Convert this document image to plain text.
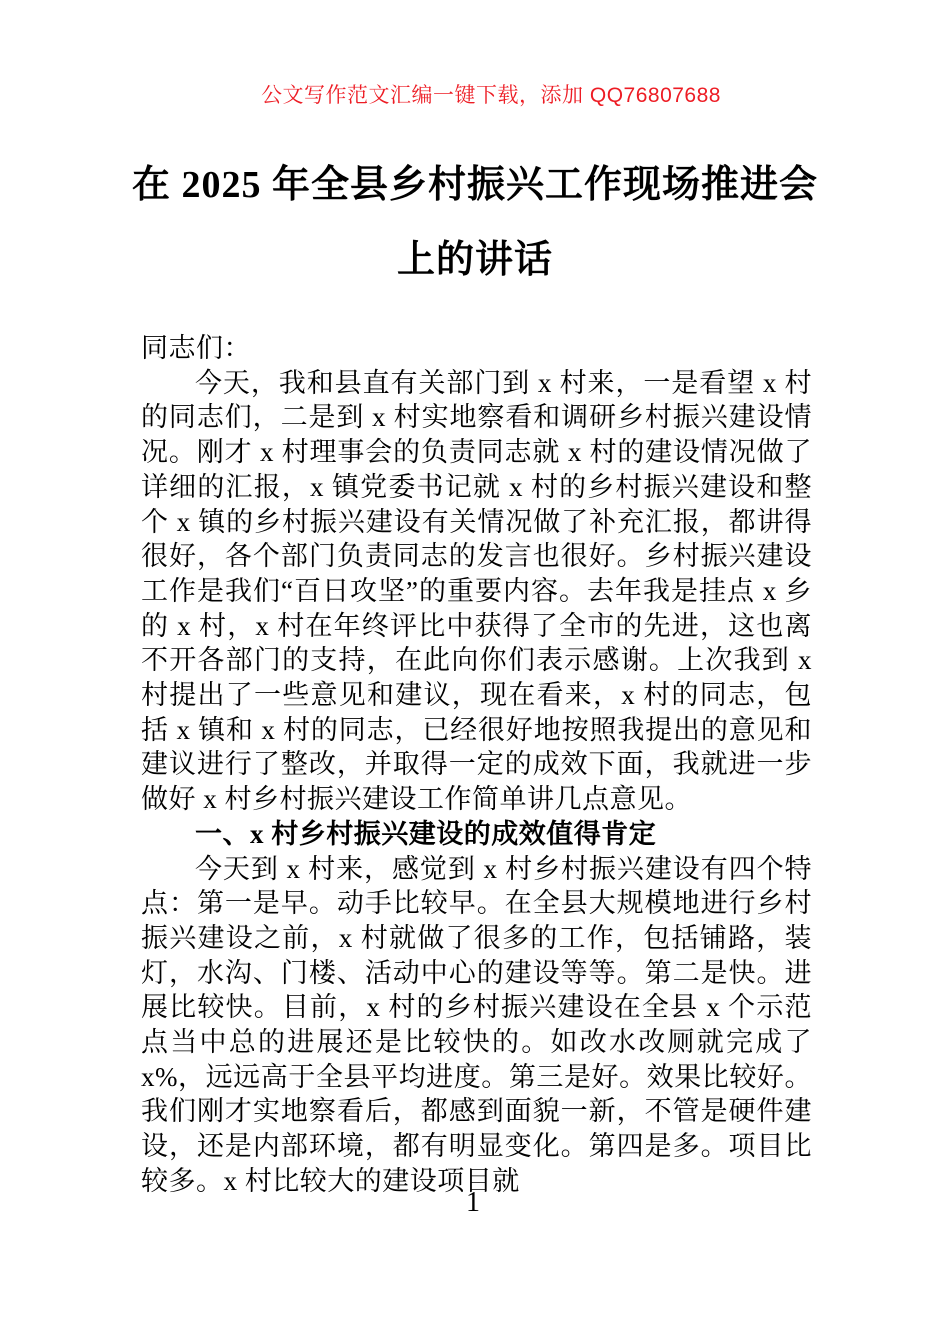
公文写作范文汇编一键下载，添加 QQ76807688
在 2025 年全县乡村振兴工作现场推进会上的讲话

同志们：

今天，我和县直有关部门到 x 村来，一是看望 x 村的同志们，二是到 x 村实地察看和调研乡村振兴建设情况。刚才 x 村理事会的负责同志就 x 村的建设情况做了详细的汇报，x 镇党委书记就 x 村的乡村振兴建设和整个 x 镇的乡村振兴建设有关情况做了补充汇报，都讲得很好，各个部门负责同志的发言也很好。乡村振兴建设工作是我们“百日攻坚”的重要内容。去年我是挂点 x 乡的 x 村，x 村在年终评比中获得了全市的先进，这也离不开各部门的支持，在此向你们表示感谢。上次我到 x 村提出了一些意见和建议，现在看来，x 村的同志，包括 x 镇和 x 村的同志，已经很好地按照我提出的意见和建议进行了整改，并取得一定的成效下面，我就进一步做好 x 村乡村振兴建设工作简单讲几点意见。

一、x 村乡村振兴建设的成效值得肯定

今天到 x 村来，感觉到 x 村乡村振兴建设有四个特点：第一是早。动手比较早。在全县大规模地进行乡村振兴建设之前，x 村就做了很多的工作，包括铺路，装灯，水沟、门楼、活动中心的建设等等。第二是快。进展比较快。目前，x 村的乡村振兴建设在全县 x 个示范点当中总的进展还是比较快的。如改水改厕就完成了 x%，远远高于全县平均进度。第三是好。效果比较好。我们刚才实地察看后，都感到面貌一新，不管是硬件建设，还是内部环境，都有明显变化。第四是多。项目比较多。x 村比较大的建设项目就

1
